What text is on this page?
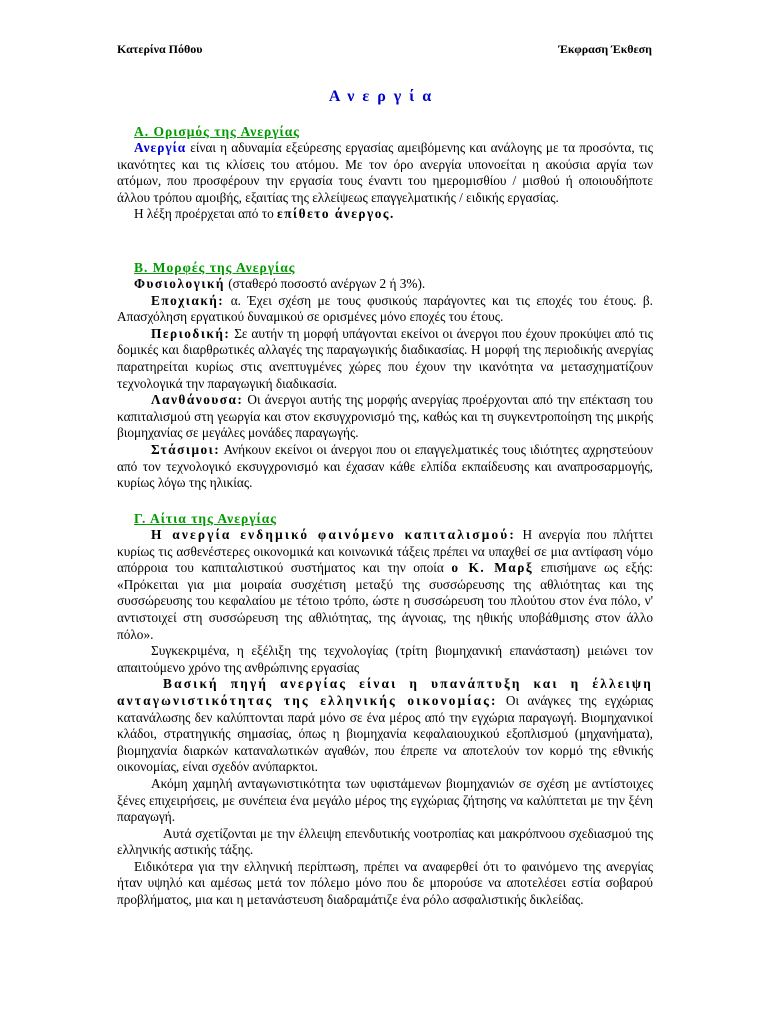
Κατερίνα Πόθου	Έκφραση Έκθεση
Ανεργία

Α. Ορισμός της Ανεργίας

Ανεργία είναι η αδυναμία εξεύρεσης εργασίας αμειβόμενης και ανάλογης με τα προσόντα, τις ικανότητες και τις κλίσεις του ατόμου. Με τον όρο ανεργία υπονοείται η ακούσια αργία των ατόμων, που προσφέρουν την εργασία τους έναντι του ημερομισθίου / μισθού ή οποιουδήποτε άλλου τρόπου αμοιβής, εξαιτίας της ελλείψεως επαγγελματικής / ειδικής εργασίας.

Η λέξη προέρχεται από το επίθετο άνεργος.

Β. Μορφές της Ανεργίας

Φυσιολογική (σταθερό ποσοστό ανέργων 2 ή 3%).

Εποχιακή: α. Έχει σχέση με τους φυσικούς παράγοντες και τις εποχές του έτους. β. Απασχόληση εργατικού δυναμικού σε ορισμένες μόνο εποχές του έτους.

Περιοδική: Σε αυτήν τη μορφή υπάγονται εκείνοι οι άνεργοι που έχουν προκύψει από τις δομικές και διαρθρωτικές αλλαγές της παραγωγικής διαδικασίας. Η μορφή της περιοδικής ανεργίας παρατηρείται κυρίως στις ανεπτυγμένες χώρες που έχουν την ικανότητα να μετασχηματίζουν τεχνολογικά την παραγωγική διαδικασία.

Λανθάνουσα: Οι άνεργοι αυτής της μορφής ανεργίας προέρχονται από την επέκταση του καπιταλισμού στη γεωργία και στον εκσυγχρονισμό της, καθώς και τη συγκεντροποίηση της μικρής βιομηχανίας σε μεγάλες μονάδες παραγωγής.

Στάσιμοι: Ανήκουν εκείνοι οι άνεργοι που οι επαγγελματικές τους ιδιότητες αχρηστεύουν από τον τεχνολογικό εκσυγχρονισμό και έχασαν κάθε ελπίδα εκπαίδευσης και αναπροσαρμογής, κυρίως λόγω της ηλικίας.

Γ. Αίτια της Ανεργίας

Η ανεργία ενδημικό φαινόμενο καπιταλισμού: Η ανεργία που πλήττει κυρίως τις ασθενέστερες οικονομικά και κοινωνικά τάξεις πρέπει να υπαχθεί σε μια αντίφαση νόμο απόρροια του καπιταλιστικού συστήματος και την οποία ο Κ. Μαρξ επισήμανε ως εξής: «Πρόκειται για μια μοιραία συσχέτιση μεταξύ της συσσώρευσης της αθλιότητας και της συσσώρευσης του κεφαλαίου με τέτοιο τρόπο, ώστε η συσσώρευση του πλούτου στον ένα πόλο, ν' αντιστοιχεί στη συσσώρευση της αθλιότητας, της άγνοιας, της ηθικής υποβάθμισης στον άλλο πόλο».

Συγκεκριμένα, η εξέλιξη της τεχνολογίας (τρίτη βιομηχανική επανάσταση) μειώνει τον απαιτούμενο χρόνο της ανθρώπινης εργασίας

Βασική πηγή ανεργίας είναι η υπανάπτυξη και η έλλειψη ανταγωνιστικότητας της ελληνικής οικονομίας: Οι ανάγκες της εγχώριας κατανάλωσης δεν καλύπτονται παρά μόνο σε ένα μέρος από την εγχώρια παραγωγή. Βιομηχανικοί κλάδοι, στρατηγικής σημασίας, όπως η βιομηχανία κεφαλαιουχικού εξοπλισμού (μηχανήματα), βιομηχανία διαρκών καταναλωτικών αγαθών, που έπρεπε να αποτελούν τον κορμό της εθνικής οικονομίας, είναι σχεδόν ανύπαρκτοι.

Ακόμη χαμηλή ανταγωνιστικότητα των υφιστάμενων βιομηχανιών σε σχέση με αντίστοιχες ξένες επιχειρήσεις, με συνέπεια ένα μεγάλο μέρος της εγχώριας ζήτησης να καλύπτεται με την ξένη παραγωγή.

Αυτά σχετίζονται με την έλλειψη επενδυτικής νοοτροπίας και μακρόπνοου σχεδιασμού της ελληνικής αστικής τάξης.

Ειδικότερα για την ελληνική περίπτωση, πρέπει να αναφερθεί ότι το φαινόμενο της ανεργίας ήταν υψηλό και αμέσως μετά τον πόλεμο μόνο που δε μπορούσε να αποτελέσει εστία σοβαρού προβλήματος, μια και η μετανάστευση διαδραμάτιζε ένα ρόλο ασφαλιστικής δικλείδας.
